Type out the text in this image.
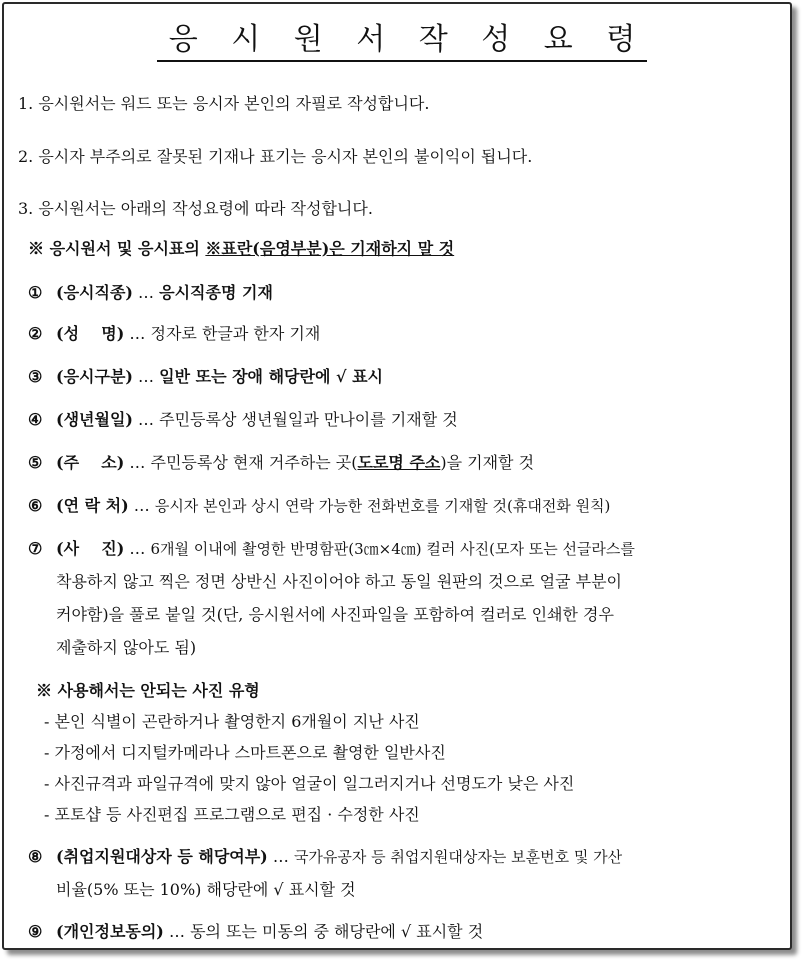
응 시 원 서 작 성 요 령
1. 응시원서는 워드 또는 응시자 본인의 자필로 작성합니다.
2. 응시자 부주의로 잘못된 기재나 표기는 응시자 본인의 불이익이 됩니다.
3. 응시원서는 아래의 작성요령에 따라 작성합니다.
※ 응시원서 및 응시표의 ※표란(음영부분)은 기재하지 말 것
① (응시직종) … 응시직종명 기재
② (성    명) … 정자로 한글과 한자 기재
③ (응시구분) … 일반 또는 장애 해당란에 √ 표시
④ (생년월일) … 주민등록상 생년월일과 만나이를 기재할 것
⑤ (주    소) … 주민등록상 현재 거주하는 곳(도로명 주소)을 기재할 것
⑥ (연 락 처) … 응시자 본인과 상시 연락 가능한 전화번호를 기재할 것(휴대전화 원칙)
⑦ (사    진) … 6개월 이내에 촬영한 반명함판(3㎝×4㎝) 컬러 사진(모자 또는 선글라스를
착용하지 않고 찍은 정면 상반신 사진이어야 하고 동일 원판의 것으로 얼굴 부분이
커야함)을 풀로 붙일 것(단, 응시원서에 사진파일을 포함하여 컬러로 인쇄한 경우
제출하지 않아도 됨)
※ 사용해서는 안되는 사진 유형
- 본인 식별이 곤란하거나 촬영한지 6개월이 지난 사진
- 가정에서 디지털카메라나 스마트폰으로 촬영한 일반사진
- 사진규격과 파일규격에 맞지 않아 얼굴이 일그러지거나 선명도가 낮은 사진
- 포토샵 등 사진편집 프로그램으로 편집 · 수정한 사진
⑧ (취업지원대상자 등 해당여부) … 국가유공자 등 취업지원대상자는 보훈번호 및 가산
비율(5% 또는 10%) 해당란에 √ 표시할 것
⑨ (개인정보동의) … 동의 또는 미동의 중 해당란에 √ 표시할 것
